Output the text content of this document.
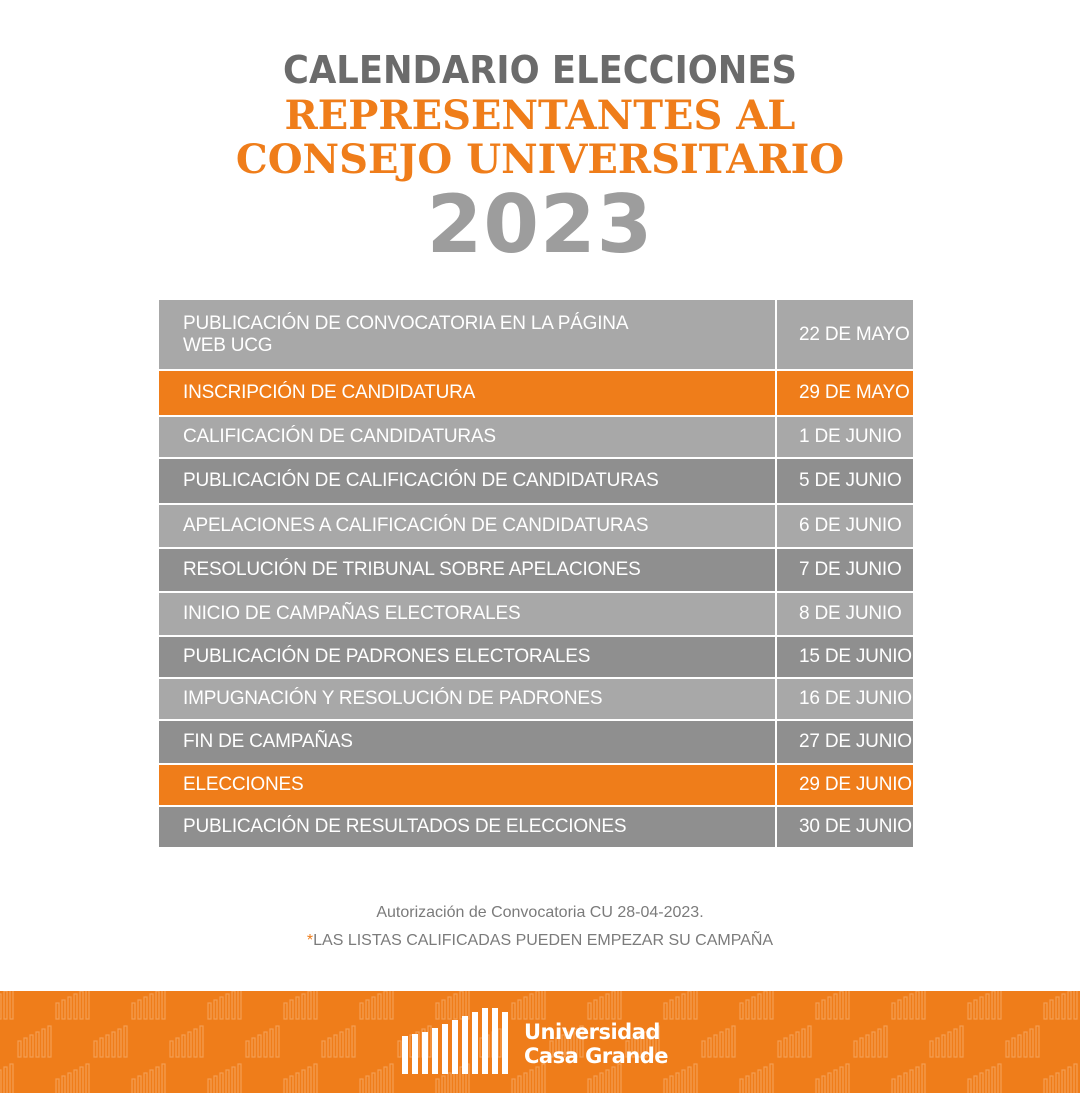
CALENDARIO ELECCIONES
REPRESENTANTES AL
CONSEJO UNIVERSITARIO
2023
PUBLICACIÓN DE CONVOCATORIA EN LA PÁGINA WEB UCG	22 DE MAYO
INSCRIPCIÓN DE CANDIDATURA	29 DE MAYO
CALIFICACIÓN DE CANDIDATURAS	1 DE JUNIO
PUBLICACIÓN DE CALIFICACIÓN DE CANDIDATURAS	5 DE JUNIO
APELACIONES A CALIFICACIÓN DE CANDIDATURAS	6 DE JUNIO
RESOLUCIÓN DE TRIBUNAL SOBRE APELACIONES	7 DE JUNIO
INICIO DE CAMPAÑAS ELECTORALES	8 DE JUNIO
PUBLICACIÓN DE PADRONES ELECTORALES	15 DE JUNIO
IMPUGNACIÓN Y RESOLUCIÓN DE PADRONES	16 DE JUNIO
FIN DE CAMPAÑAS	27 DE JUNIO
ELECCIONES	29 DE JUNIO
PUBLICACIÓN DE RESULTADOS DE ELECCIONES	30 DE JUNIO
Autorización de Convocatoria CU 28-04-2023.
*LAS LISTAS CALIFICADAS PUEDEN EMPEZAR SU CAMPAÑA
Universidad
Casa Grande
